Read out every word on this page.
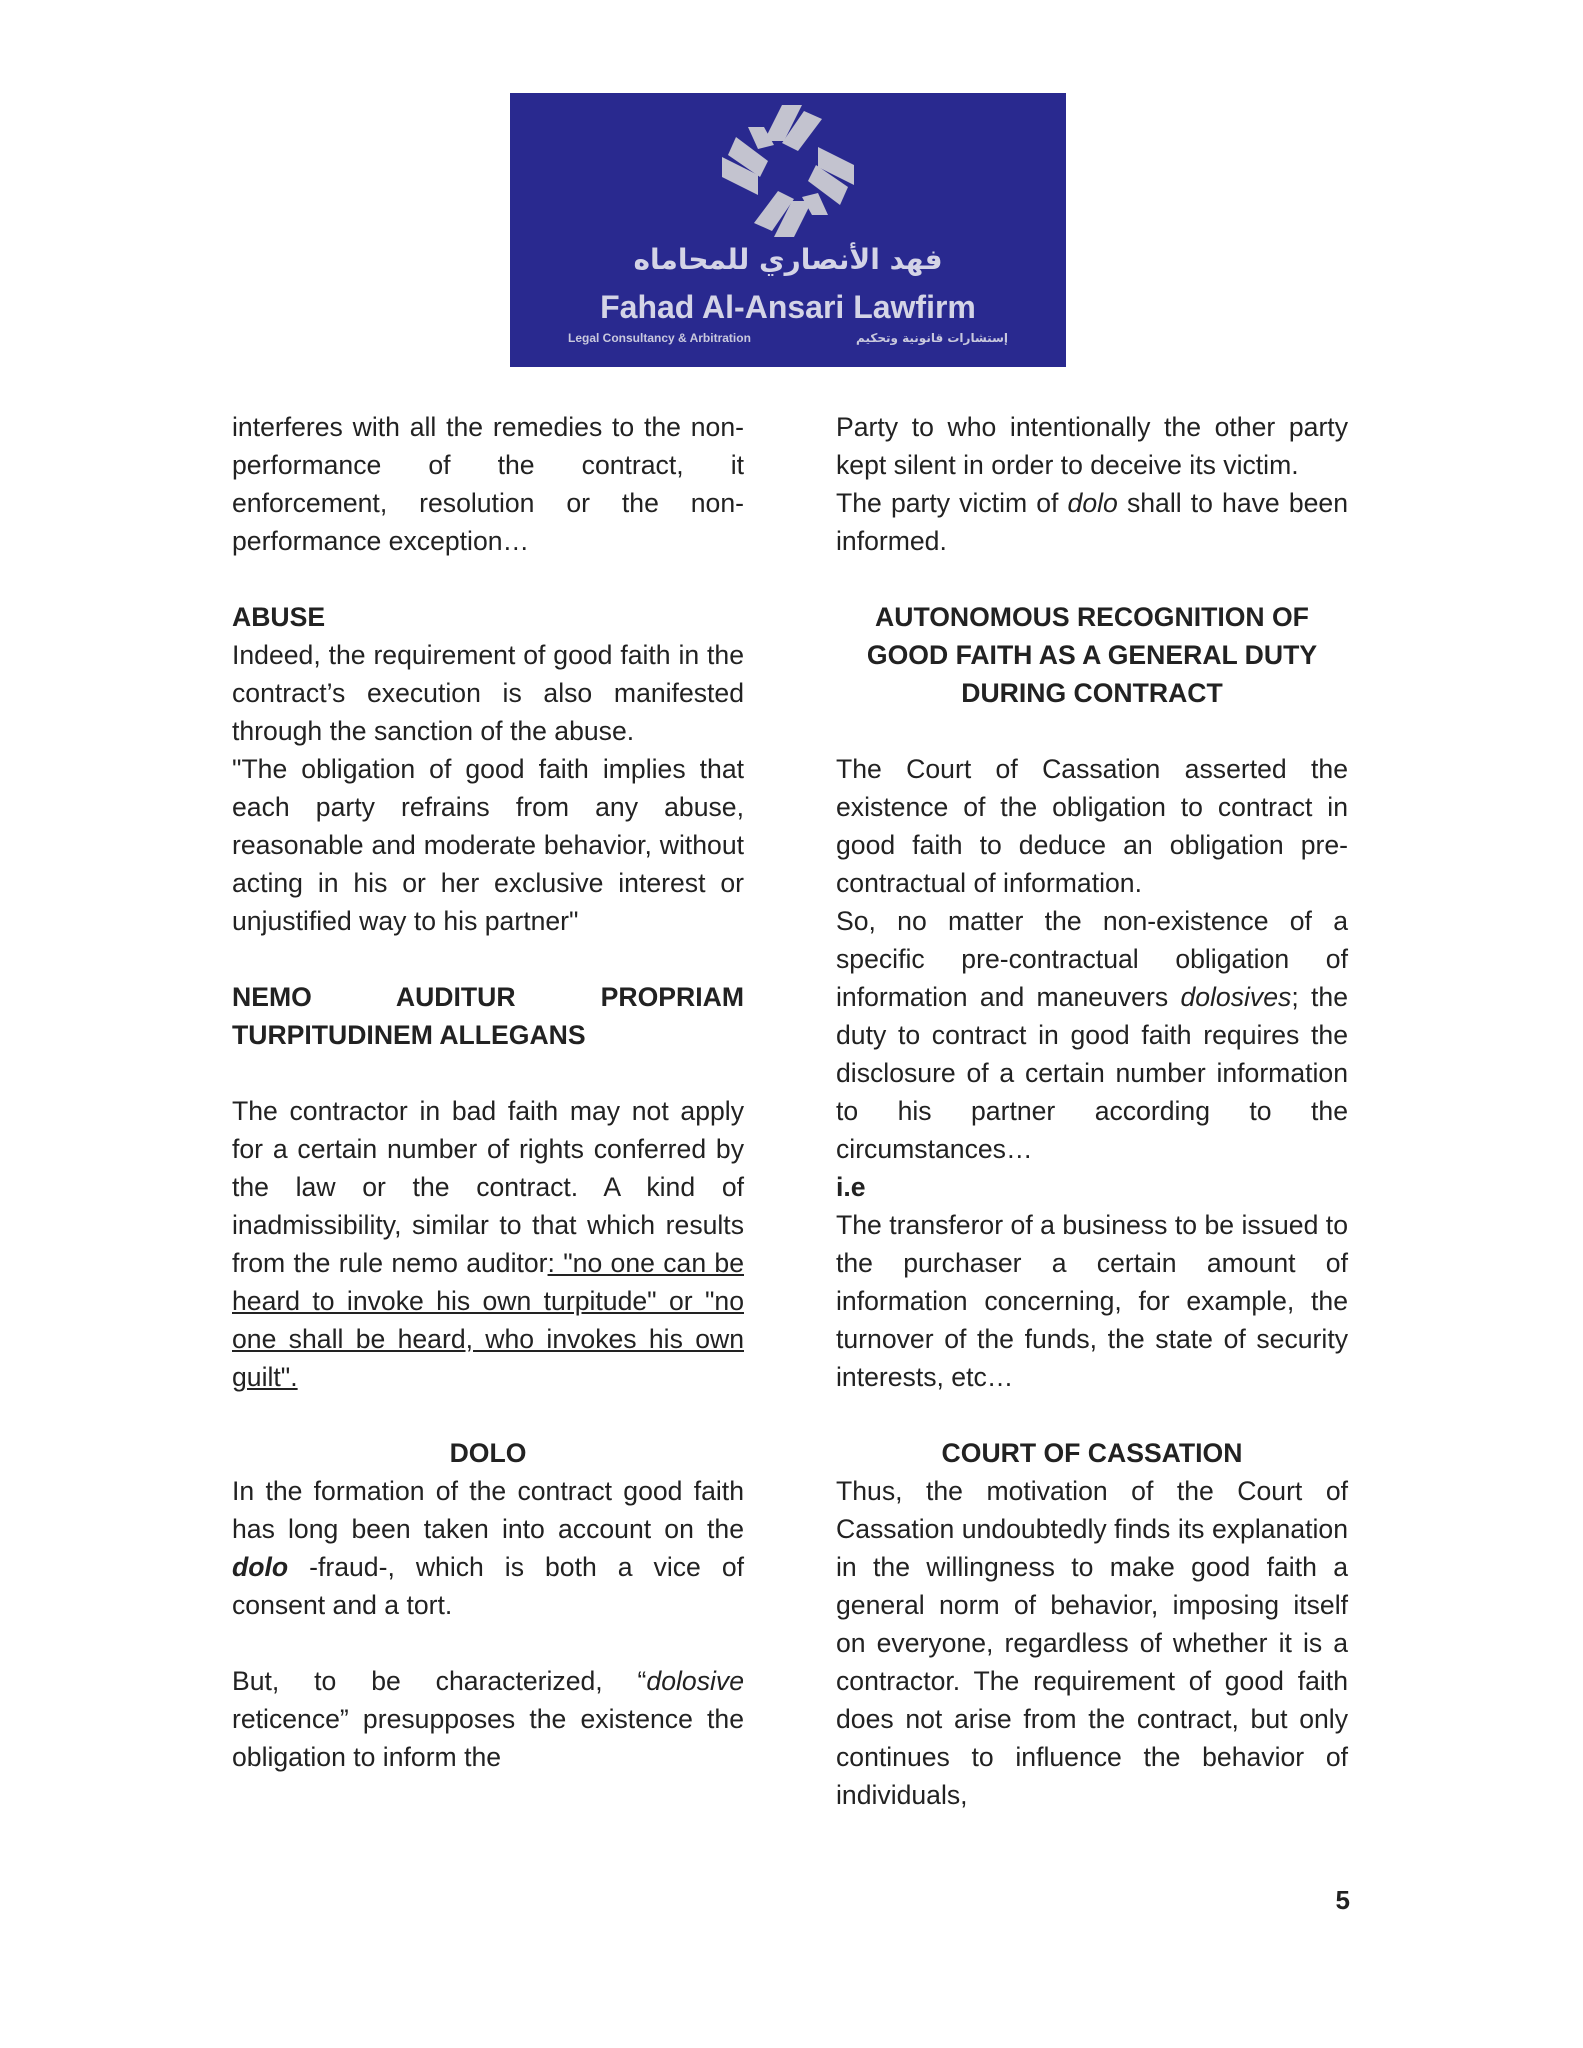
فهد الأنصاري للمحاماه
Fahad Al-Ansari Lawfirm
Legal Consultancy & Arbitration	إستشارات قانونية وتحكيم

interferes with all the remedies to the non-performance of the contract, it enforcement, resolution or the non-performance exception…

ABUSE

Indeed, the requirement of good faith in the contract’s execution is also manifested through the sanction of the abuse.

"The obligation of good faith implies that each party refrains from any abuse, reasonable and moderate behavior, without acting in his or her exclusive interest or unjustified way to his partner"

NEMO AUDITUR PROPRIAM
TURPITUDINEM ALLEGANS

The contractor in bad faith may not apply for a certain number of rights conferred by the law or the contract. A kind of inadmissibility, similar to that which results from the rule nemo auditor: "no one can be heard to invoke his own turpitude" or "no one shall be heard, who invokes his own guilt".

DOLO

In the formation of the contract good faith has long been taken into account on the dolo -fraud-, which is both a vice of consent and a tort.

But, to be characterized, “dolosive reticence” presupposes the existence the obligation to inform the

Party to who intentionally the other party kept silent in order to deceive its victim.

The party victim of dolo shall to have been informed.

AUTONOMOUS RECOGNITION OF
GOOD FAITH AS A GENERAL DUTY
DURING CONTRACT

The Court of Cassation asserted the existence of the obligation to contract in good faith to deduce an obligation pre-contractual of information.

So, no matter the non-existence of a specific pre-contractual obligation of information and maneuvers dolosives; the duty to contract in good faith requires the disclosure of a certain number information to his partner according to the circumstances…

i.e

The transferor of a business to be issued to the purchaser a certain amount of information concerning, for example, the turnover of the funds, the state of security interests, etc…

COURT OF CASSATION

Thus, the motivation of the Court of Cassation undoubtedly finds its explanation in the willingness to make good faith a general norm of behavior, imposing itself on everyone, regardless of whether it is a contractor. The requirement of good faith does not arise from the contract, but only continues to influence the behavior of individuals,

5
